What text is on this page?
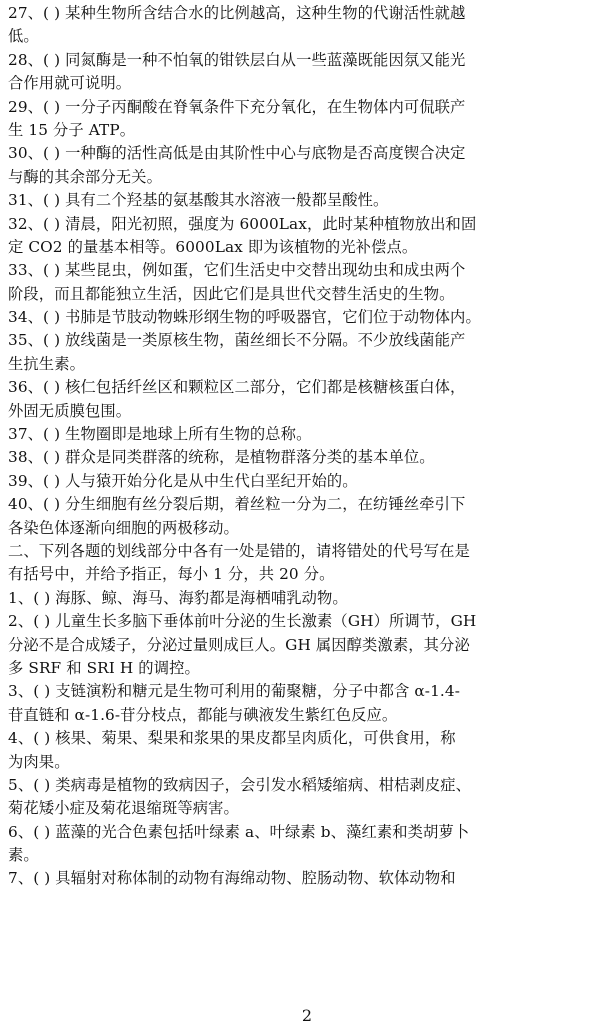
27、( ) 某种生物所含结合水的比例越高，这种生物的代谢活性就越
低。
28、( ) 同氮酶是一种不怕氧的钳铁层白从一些蓝藻既能因氛又能光
合作用就可说明。
29、( ) 一分子丙酮酸在脊氧条件下充分氧化，在生物体内可侃联产
生 15 分子 ATP。
30、( ) 一种酶的活性高低是由其阶性中心与底物是否高度锲合决定
与酶的其余部分无关。
31、( ) 具有二个羟基的氨基酸其水溶液一般都呈酸性。
32、( ) 清晨，阳光初照，强度为 6000Lax，此时某种植物放出和固
定 CO2 的量基本相等。6000Lax 即为该植物的光补偿点。
33、( ) 某些昆虫，例如蛋，它们生活史中交替出现幼虫和成虫两个
阶段，而且都能独立生活，因此它们是具世代交替生活史的生物。
34、( ) 书肺是节肢动物蛛形纲生物的呼吸器官，它们位于动物体内。
35、( ) 放线菌是一类原核生物，菌丝细长不分隔。不少放线菌能产
生抗生素。
36、( ) 核仁包括纤丝区和颗粒区二部分，它们都是核糖核蛋白体，
外固无质膜包围。
37、( ) 生物圈即是地球上所有生物的总称。
38、( ) 群众是同类群落的统称，是植物群落分类的基本单位。
39、( ) 人与猿开始分化是从中生代白垩纪开始的。
40、( ) 分生细胞有丝分裂后期，着丝粒一分为二，在纺锤丝牵引下
各染色体逐渐向细胞的两极移动。
二、下列各题的划线部分中各有一处是错的，请将错处的代号写在是
有括号中，并给予指正，每小 1 分，共 20 分。
1、( ) 海豚、鲸、海马、海豹都是海栖哺乳动物。
2、( ) 儿童生长多脑下垂体前叶分泌的生长激素（GH）所调节，GH
分泌不是合成矮子，分泌过量则成巨人。GH 属因醇类激素，其分泌
多 SRF 和 SRI H 的调控。
3、( ) 支链演粉和糖元是生物可利用的葡聚糖，分子中都含 α-1.4-
苷直链和 α-1.6-苷分枝点，都能与碘液发生紫红色反应。
4、( ) 核果、菊果、梨果和浆果的果皮都呈肉质化，可供食用，称
为肉果。
5、( ) 类病毒是植物的致病因子，会引发水稻矮缩病、柑桔剥皮症、
菊花矮小症及菊花退缩斑等病害。
6、( ) 蓝藻的光合色素包括叶绿素 a、叶绿素 b、藻红素和类胡萝卜
素。
7、( ) 具辐射对称体制的动物有海绵动物、腔肠动物、软体动物和
2
